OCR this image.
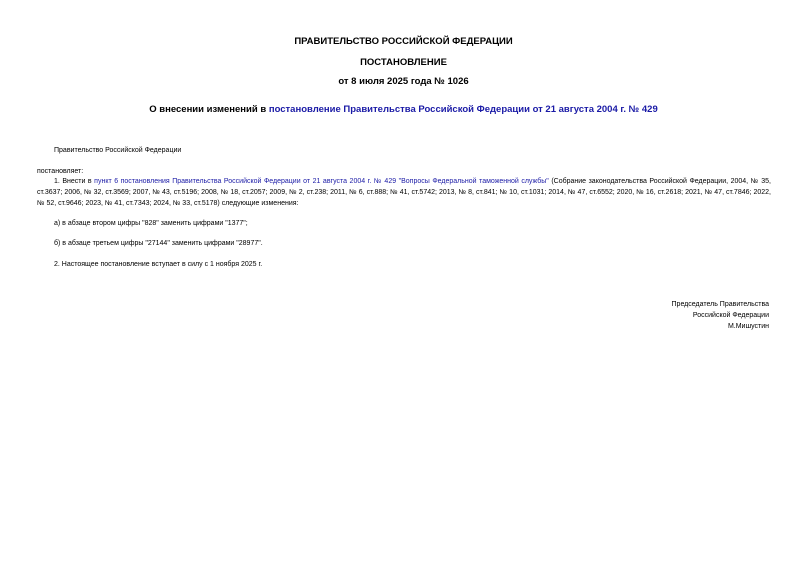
ПРАВИТЕЛЬСТВО РОССИЙСКОЙ ФЕДЕРАЦИИ
ПОСТАНОВЛЕНИЕ
от 8 июля 2025 года № 1026
О внесении изменений в постановление Правительства Российской Федерации от 21 августа 2004 г. № 429
Правительство Российской Федерации
постановляет:

1. Внести в пункт 6 постановления Правительства Российской Федерации от 21 августа 2004 г. № 429 "Вопросы Федеральной таможенной службы" (Собрание законодательства Российской Федерации, 2004, № 35, ст.3637; 2006, № 32, ст.3569; 2007, № 43, ст.5196; 2008, № 18, ст.2057; 2009, № 2, ст.238; 2011, № 6, ст.888; № 41, ст.5742; 2013, № 8, ст.841; № 10, ст.1031; 2014, № 47, ст.6552; 2020, № 16, ст.2618; 2021, № 47, ст.7846; 2022, № 52, ст.9646; 2023, № 41, ст.7343; 2024, № 33, ст.5178) следующие изменения:

а) в абзаце втором цифры "828" заменить цифрами "1377";
б) в абзаце третьем цифры "27144" заменить цифрами "28977".
2. Настоящее постановление вступает в силу с 1 ноября 2025 г.
Председатель Правительства
Российской Федерации
М.Мишустин
